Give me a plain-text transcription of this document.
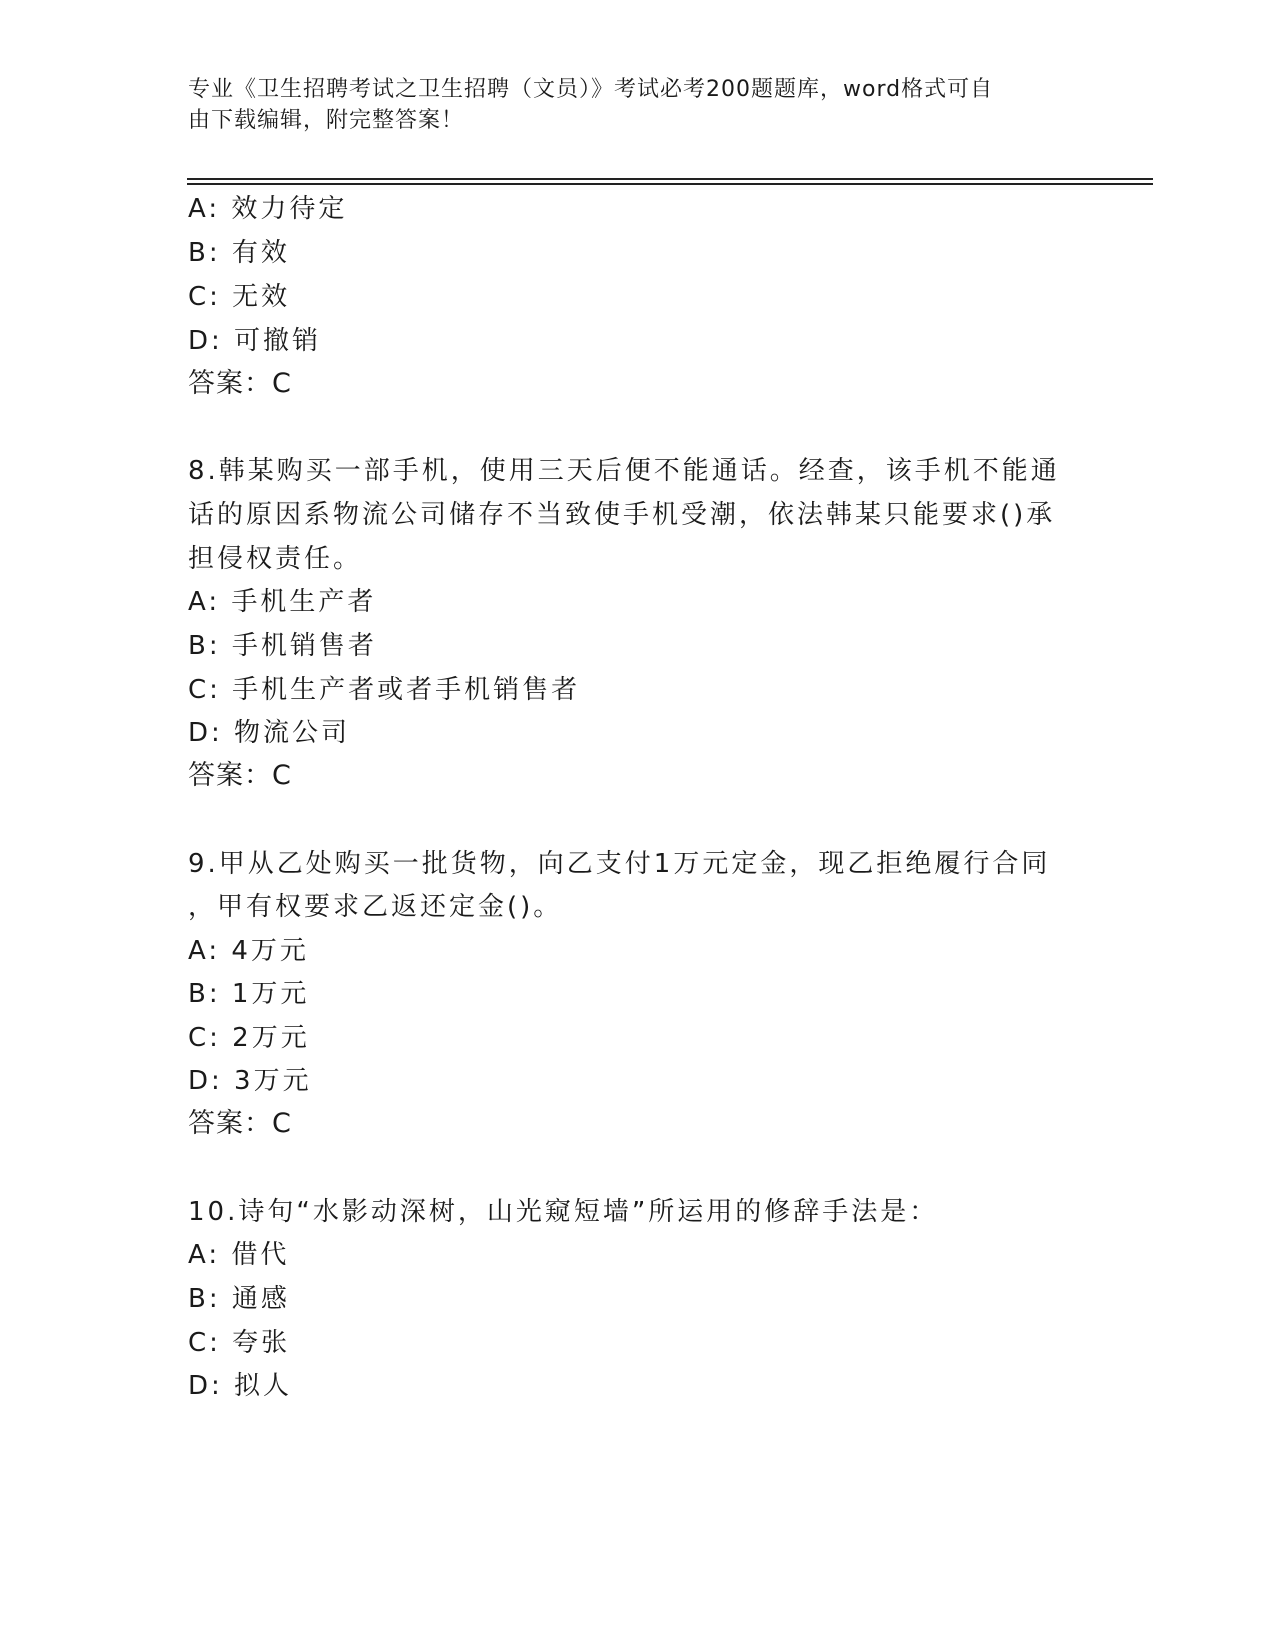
专业《卫生招聘考试之卫生招聘（文员）》考试必考200题题库，word格式可自
由下载编辑，附完整答案！
A: 效力待定
B: 有效
C: 无效
D: 可撤销
答案：C
8.韩某购买一部手机，使用三天后便不能通话。经查，该手机不能通
话的原因系物流公司储存不当致使手机受潮，依法韩某只能要求()承
担侵权责任。
A: 手机生产者
B: 手机销售者
C: 手机生产者或者手机销售者
D: 物流公司
答案：C
9.甲从乙处购买一批货物，向乙支付1万元定金，现乙拒绝履行合同
，甲有权要求乙返还定金()。
A: 4万元
B: 1万元
C: 2万元
D: 3万元
答案：C
10.诗句“水影动深树，山光窥短墙”所运用的修辞手法是：
A: 借代
B: 通感
C: 夸张
D: 拟人
